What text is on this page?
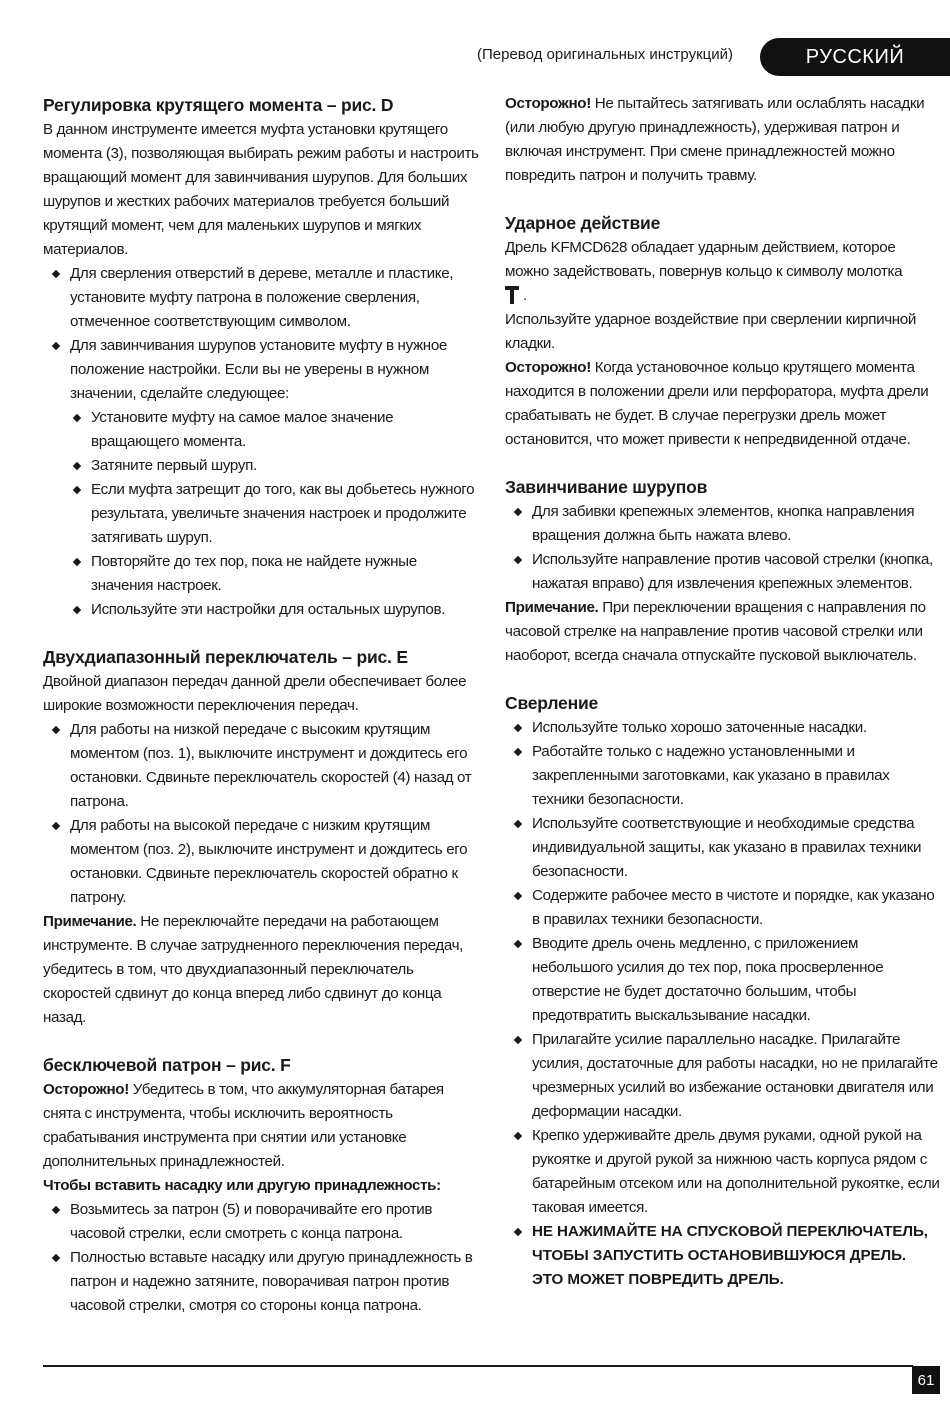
(Перевод оригинальных инструкций)	РУССКИЙ
Регулировка крутящего момента – рис. D

В данном инструменте имеется муфта установки крутящего момента (3), позволяющая выбирать режим работы и настроить вращающий момент для завинчивания шурупов. Для больших шурупов и жестких рабочих материалов требуется больший крутящий момент, чем для маленьких шурупов и мягких материалов.

Для сверления отверстий в дереве, металле и пластике, установите муфту патрона в положение сверления, отмеченное соответствующим символом.
Для завинчивания шурупов установите муфту в нужное положение настройки. Если вы не уверены в нужном значении, сделайте следующее:
Установите муфту на самое малое значение вращающего момента.
Затяните первый шуруп.
Если муфта затрещит до того, как вы добьетесь нужного результата, увеличьте значения настроек и продолжите затягивать шуруп.
Повторяйте до тех пор, пока не найдете нужные значения настроек.
Используйте эти настройки для остальных шурупов.
Двухдиапазонный переключатель – рис. E

Двойной диапазон передач данной дрели обеспечивает более широкие возможности переключения передач.

Для работы на низкой передаче с высоким крутящим моментом (поз. 1), выключите инструмент и дождитесь его остановки. Сдвиньте переключатель скоростей (4) назад от патрона.
Для работы на высокой передаче с низким крутящим моментом (поз. 2), выключите инструмент и дождитесь его остановки. Сдвиньте переключатель скоростей обратно к патрону.

Примечание. Не переключайте передачи на работающем инструменте. В случае затрудненного переключения передач, убедитесь в том, что двухдиапазонный переключатель скоростей сдвинут до конца вперед либо сдвинут до конца назад.

бесключевой патрон – рис. F

Осторожно! Убедитесь в том, что аккумуляторная батарея снята с инструмента, чтобы исключить вероятность срабатывания инструмента при снятии или установке дополнительных принадлежностей.

Чтобы вставить насадку или другую принадлежность:

Возьмитесь за патрон (5) и поворачивайте его против часовой стрелки, если смотреть с конца патрона.
Полностью вставьте насадку или другую принадлежность в патрон и надежно затяните, поворачивая патрон против часовой стрелки, смотря со стороны конца патрона.

Осторожно! Не пытайтесь затягивать или ослаблять насадки (или любую другую принадлежность), удерживая патрон и включая инструмент. При смене принадлежностей можно повредить патрон и получить травму.

Ударное действие

Дрель KFMCD628 обладает ударным действием, которое можно задействовать, повернув кольцо к символу молотка
.

Используйте ударное воздействие при сверлении кирпичной кладки.

Осторожно! Когда установочное кольцо крутящего момента находится в положении дрели или перфоратора, муфта дрели срабатывать не будет. В случае перегрузки дрель может остановится, что может привести к непредвиденной отдаче.

Завинчивание шурупов
Для забивки крепежных элементов, кнопка направления вращения должна быть нажата влево.
Используйте направление против часовой стрелки (кнопка, нажатая вправо) для извлечения крепежных элементов.

Примечание. При переключении вращения с направления по часовой стрелке на направление против часовой стрелки или наоборот, всегда сначала отпускайте пусковой выключатель.

Сверление
Используйте только хорошо заточенные насадки.
Работайте только с надежно установленными и закрепленными заготовками, как указано в правилах техники безопасности.
Используйте соответствующие и необходимые средства индивидуальной защиты, как указано в правилах техники безопасности.
Содержите рабочее место в чистоте и порядке, как указано в правилах техники безопасности.
Вводите дрель очень медленно, с приложением небольшого усилия до тех пор, пока просверленное отверстие не будет достаточно большим, чтобы предотвратить выскальзывание насадки.
Прилагайте усилие параллельно насадке. Прилагайте усилия, достаточные для работы насадки, но не прилагайте чрезмерных усилий во избежание остановки двигателя или деформации насадки.
Крепко удерживайте дрель двумя руками, одной рукой на рукоятке и другой рукой за нижнюю часть корпуса рядом с батарейным отсеком или на дополнительной рукоятке, если таковая имеется.
НЕ НАЖИМАЙТЕ НА СПУСКОВОЙ ПЕРЕКЛЮЧАТЕЛЬ, ЧТОБЫ ЗАПУСТИТЬ ОСТАНОВИВШУЮСЯ ДРЕЛЬ. ЭТО МОЖЕТ ПОВРЕДИТЬ ДРЕЛЬ.
61
